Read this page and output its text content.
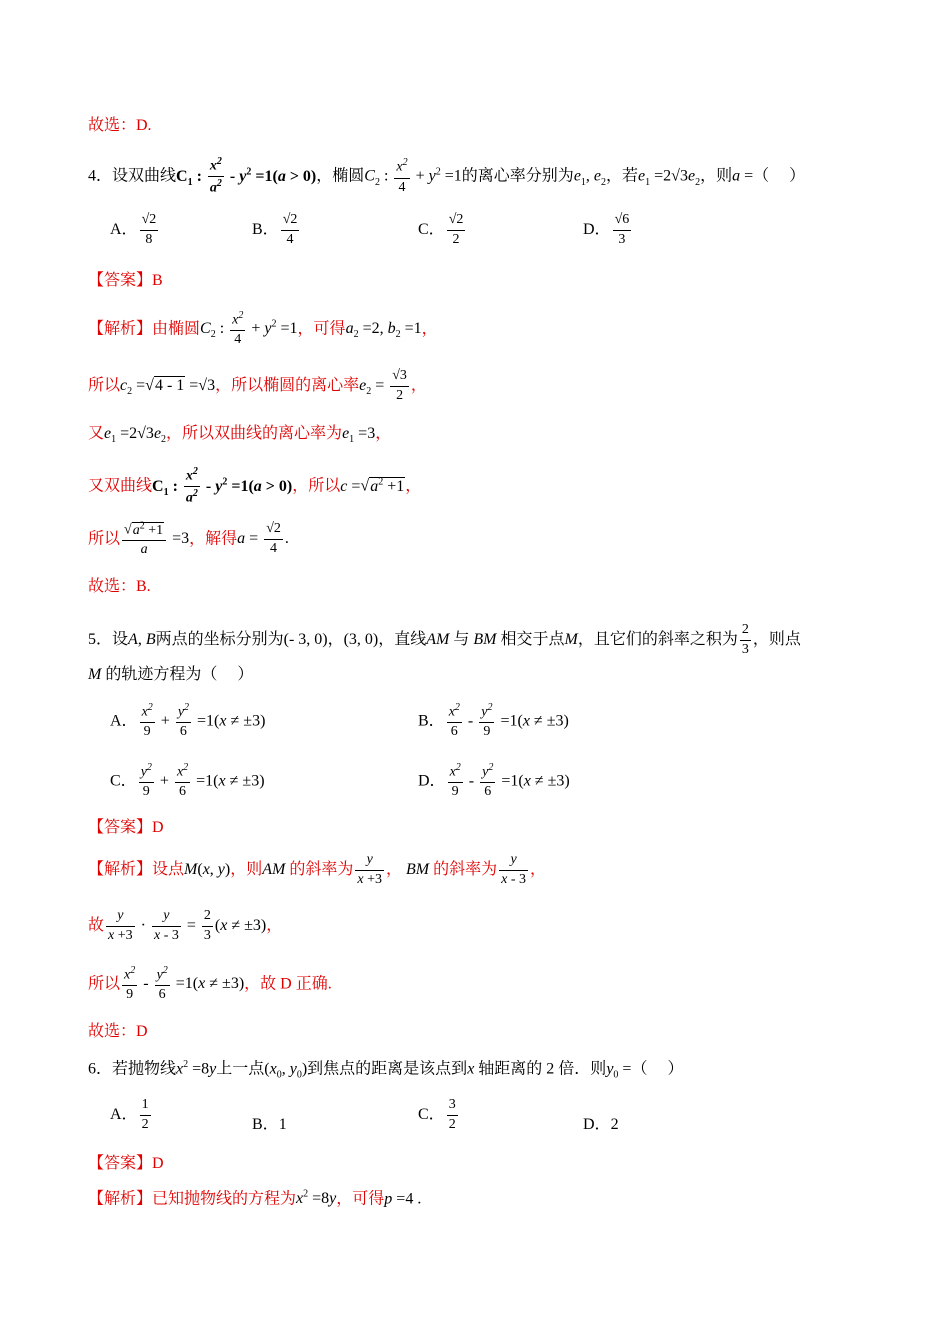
故选：D.
4．设双曲线$C_1$ : $\frac{x^2}{a^2} - y^2 =1(a > 0)$，椭圆$C_2$ : $\frac{x^2}{4} + y^2 =1$的离心率分别为$e_1$, $e_2$，若$e_1 =2√3e_2$，则a =（　 ）
A． $\frac{√2}{8}$	B． $\frac{√2}{4}$	C． $\frac{√2}{2}$	D． $\frac{√6}{3}$
【答案】B
【解析】由椭圆$C_2$ : $\frac{x^2}{4} + y^2 =1$，可得$a_2 =2$, $b_2 =1$，
所以$c_2 =√4 - 1 =√3$，所以椭圆的离心率$e_2 = \frac{√3}{2}$ ，
又$e_1 =2√3e_2$，所以双曲线的离心率为$e_1 =3$，
又双曲线$C_1$ : $\frac{x^2}{a^2} - y^2 =1(a > 0)$，所以$c =√a^2 +1$，
所以 $\frac{√a^2 +1}{a} =3$，解得$a = \frac{√2}{4}$ .
故选：B.
5．设A, B两点的坐标分别为(- 3, 0)，(3, 0)，直线AM 与 BM 相交于点M，且它们的斜率之积为 $\frac{2}{3}$ ，则点
M 的轨迹方程为（　 ）
A． $\frac{x^2}{9} + \frac{y^2}{6} =1(x \ne \pm 3)$	B． $\frac{x^2}{6} - \frac{y^2}{9} =1(x \ne \pm 3)$
C． $\frac{y^2}{9} + \frac{x^2}{6} =1(x \ne \pm 3)$	D． $\frac{x^2}{9} - \frac{y^2}{6} =1(x \ne \pm 3)$
【答案】D
【解析】设点M(x, y)，则AM 的斜率为 $\frac{y}{x +3}$ ， BM 的斜率为 $\frac{y}{x - 3}$ ，
故 $\frac{y}{x +3} \cdot \frac{y}{x - 3} = \frac{2}{3} (x \ne \pm 3)$，
所以 $\frac{x^2}{9} - \frac{y^2}{6} =1(x \ne \pm 3)$，故 D 正确.
故选：D
6．若抛物线$x^2 =8y$上一点($x_0$, $y_0$)到焦点的距离是该点到x 轴距离的 2 倍．则$y_0$ =（　 ）
A． $\frac{1}{2}$	B．1
C． $\frac{3}{2}$	D．2
【答案】D
【解析】已知抛物线的方程为$x^2 =8y$，可得p =4 .
